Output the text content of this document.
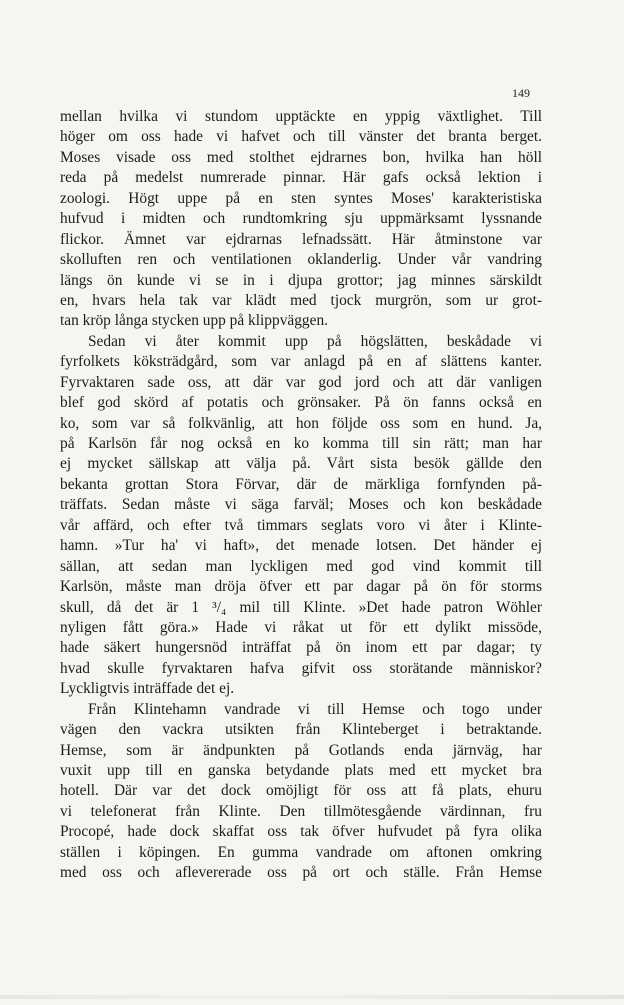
149
mellan hvilka vi stundom upptäckte en yppig växtlighet. Till
höger om oss hade vi hafvet och till vänster det branta berget.
Moses visade oss med stolthet ejdrarnes bon, hvilka han höll
reda på medelst numrerade pinnar. Här gafs också lektion i
zoologi. Högt uppe på en sten syntes Moses' karakteristiska
hufvud i midten och rundtomkring sju uppmärksamt lyssnande
flickor. Ämnet var ejdrarnas lefnadssätt. Här åtminstone var
skolluften ren och ventilationen oklanderlig. Under vår vandring
längs ön kunde vi se in i djupa grottor; jag minnes särskildt
en, hvars hela tak var klädt med tjock murgrön, som ur grot-
tan kröp långa stycken upp på klippväggen.
Sedan vi åter kommit upp på högslätten, beskådade vi
fyrfolkets köksträdgård, som var anlagd på en af slättens kanter.
Fyrvaktaren sade oss, att där var god jord och att där vanligen
blef god skörd af potatis och grönsaker. På ön fanns också en
ko, som var så folkvänlig, att hon följde oss som en hund. Ja,
på Karlsön får nog också en ko komma till sin rätt; man har
ej mycket sällskap att välja på. Vårt sista besök gällde den
bekanta grottan Stora Förvar, där de märkliga fornfynden på-
träffats. Sedan måste vi säga farväl; Moses och kon beskådade
vår affärd, och efter två timmars seglats voro vi åter i Klinte-
hamn. »Tur ha' vi haft», det menade lotsen. Det händer ej
sällan, att sedan man lyckligen med god vind kommit till
Karlsön, måste man dröja öfver ett par dagar på ön för storms
skull, då det är 1 ³/₄ mil till Klinte. »Det hade patron Wöhler
nyligen fått göra.» Hade vi råkat ut för ett dylikt missöde,
hade säkert hungersnöd inträffat på ön inom ett par dagar; ty
hvad skulle fyrvaktaren hafva gifvit oss storätande människor?
Lyckligtvis inträffade det ej.
Från Klintehamn vandrade vi till Hemse och togo under
vägen den vackra utsikten från Klinteberget i betraktande.
Hemse, som är ändpunkten på Gotlands enda järnväg, har
vuxit upp till en ganska betydande plats med ett mycket bra
hotell. Där var det dock omöjligt för oss att få plats, ehuru
vi telefonerat från Klinte. Den tillmötesgående värdinnan, fru
Procopé, hade dock skaffat oss tak öfver hufvudet på fyra olika
ställen i köpingen. En gumma vandrade om aftonen omkring
med oss och aflevererade oss på ort och ställe. Från Hemse
